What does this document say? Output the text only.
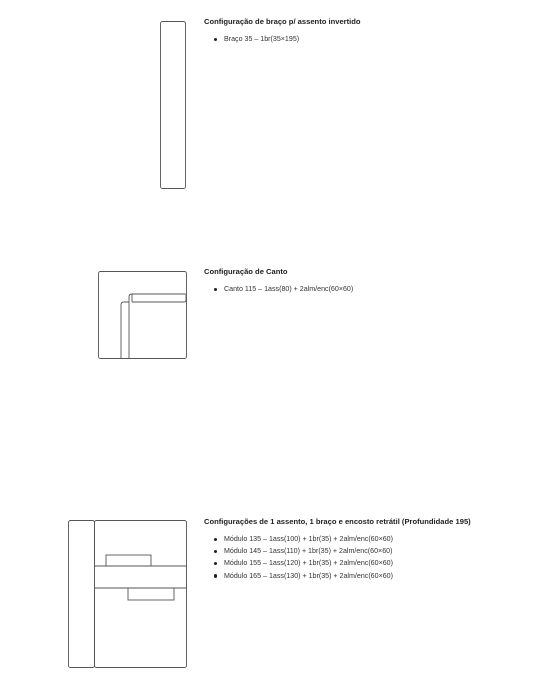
Configuração de braço p/ assento invertido
Braço 35 – 1br(35×195)
Configuração de Canto
Canto 115 – 1ass(80) + 2alm/enc(60×60)
Configurações de 1 assento, 1 braço e encosto retrátil (Profundidade 195)
Módulo 135 – 1ass(100) + 1br(35) + 2alm/enc(60×60)
Módulo 145 – 1ass(110) + 1br(35) + 2alm/enc(60×60)
Módulo 155 – 1ass(120) + 1br(35) + 2alm/enc(60×60)
Módulo 165 – 1ass(130) + 1br(35) + 2alm/enc(60×60)
